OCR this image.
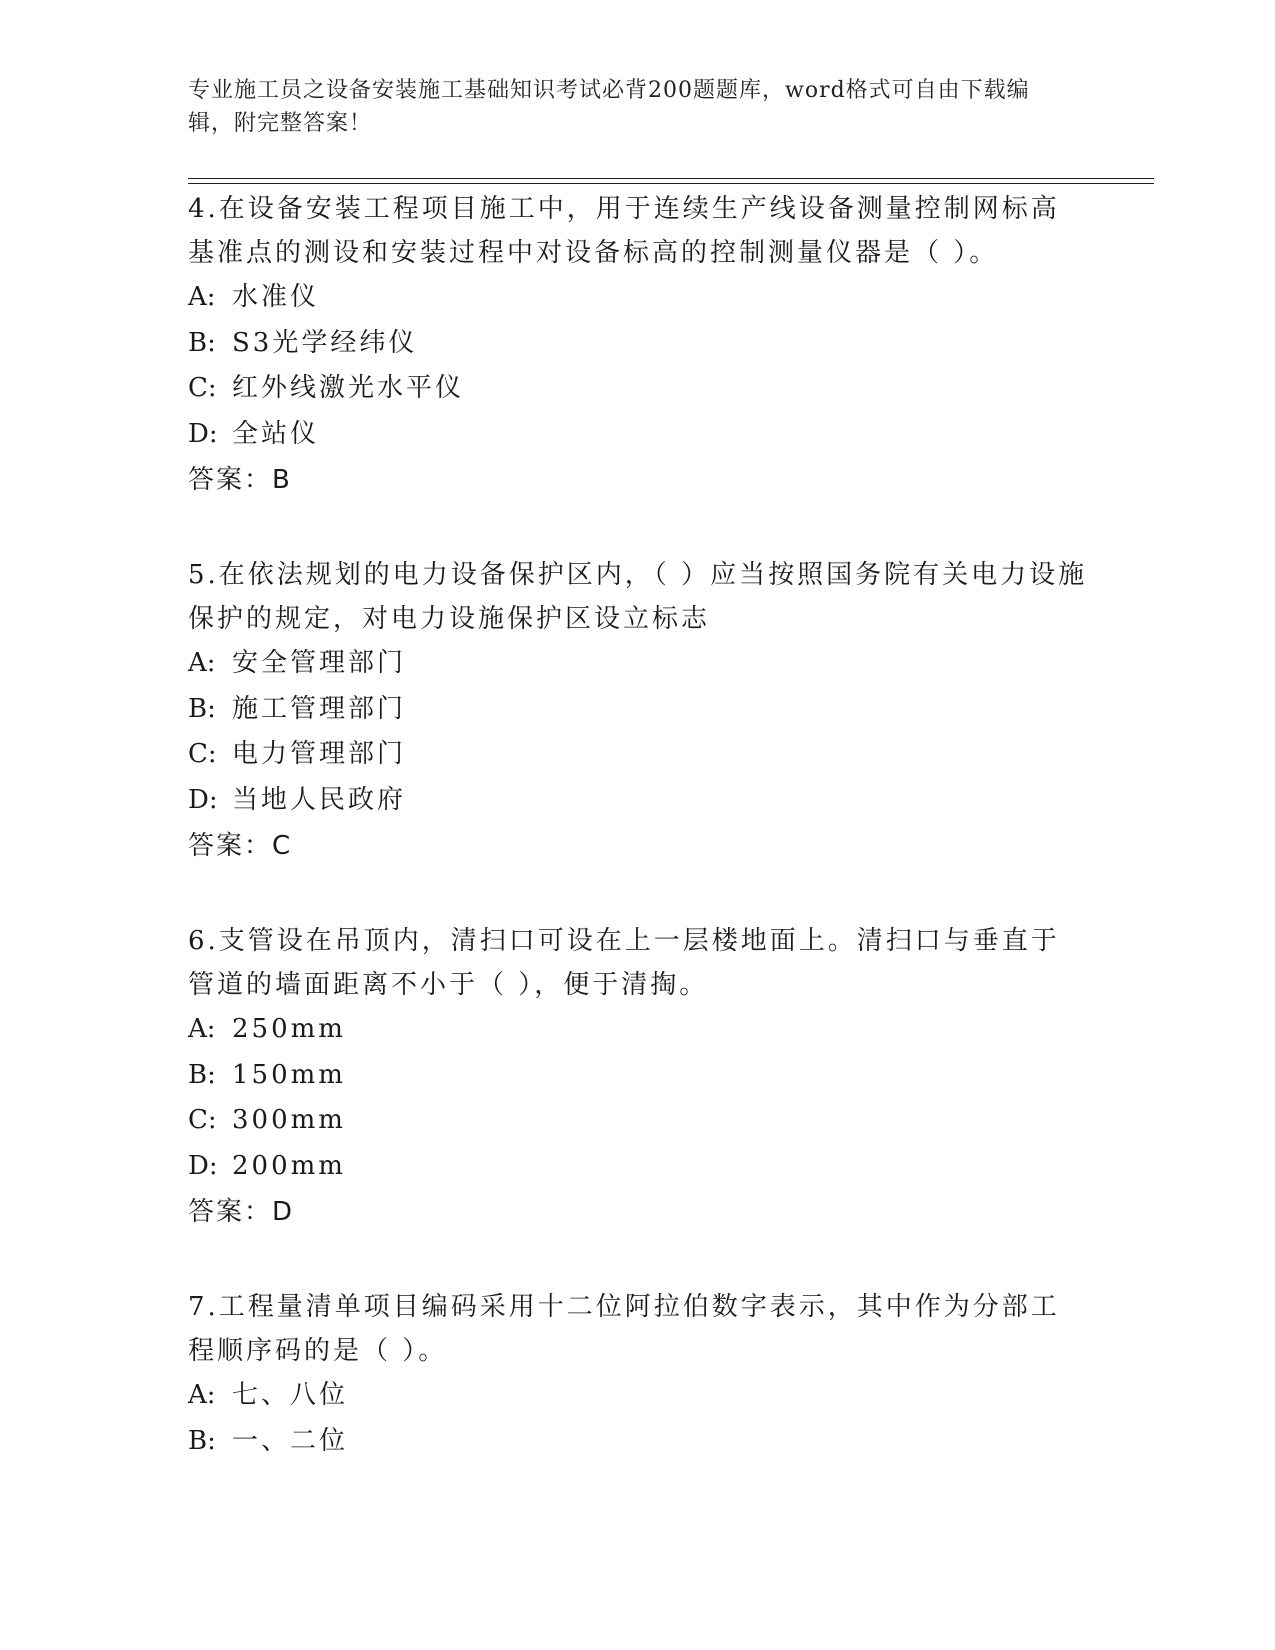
专业施工员之设备安装施工基础知识考试必背200题题库，word格式可自由下载编辑，附完整答案！

4.在设备安装工程项目施工中，用于连续生产线设备测量控制网标高基准点的测设和安装过程中对设备标高的控制测量仪器是（ ）。

A: 水准仪

B: S3光学经纬仪

C: 红外线激光水平仪

D: 全站仪

答案：B

5.在依法规划的电力设备保护区内，（ ）应当按照国务院有关电力设施保护的规定，对电力设施保护区设立标志

A: 安全管理部门

B: 施工管理部门

C: 电力管理部门

D: 当地人民政府

答案：C

6.支管设在吊顶内，清扫口可设在上一层楼地面上。清扫口与垂直于管道的墙面距离不小于（ ），便于清掏。

A: 250mm

B: 150mm

C: 300mm

D: 200mm

答案：D

7.工程量清单项目编码采用十二位阿拉伯数字表示，其中作为分部工程顺序码的是（ ）。

A: 七、八位

B: 一、二位
